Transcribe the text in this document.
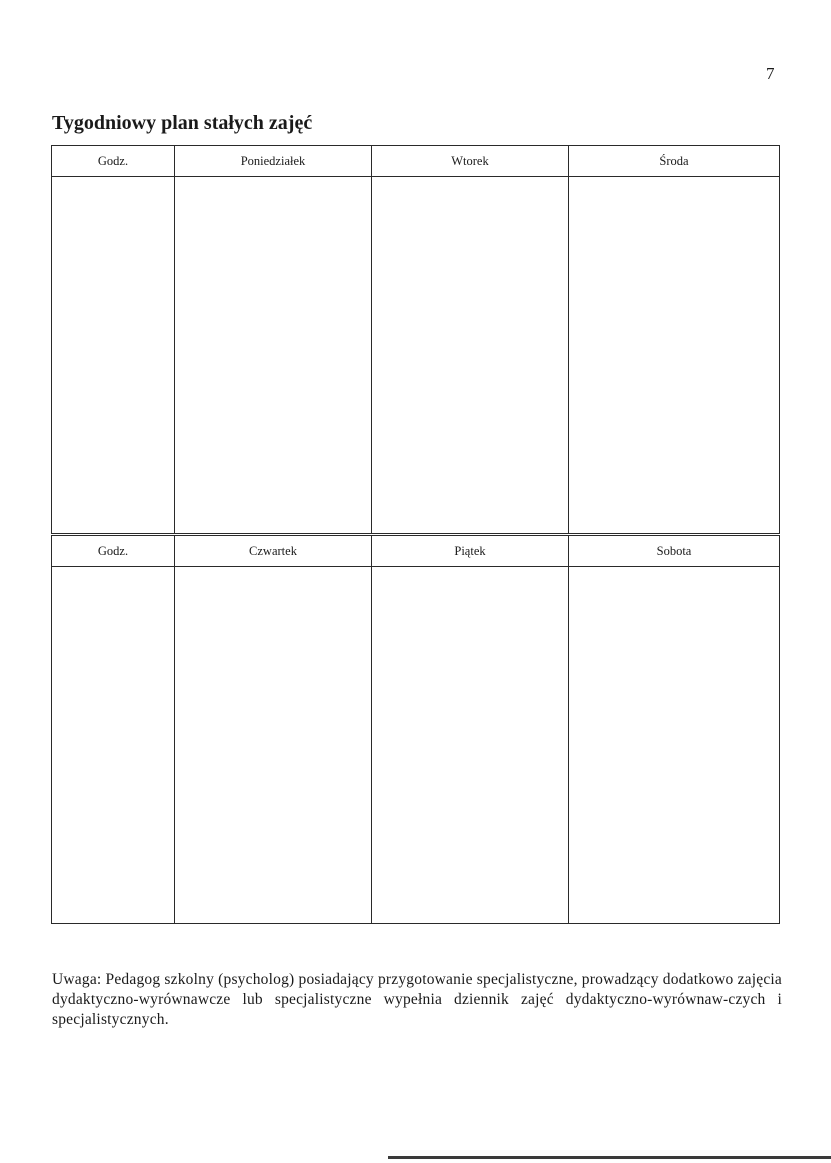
7
Tygodniowy plan stałych zajęć
Godz.	Poniedziałek	Wtorek	Środa

Godz.	Czwartek	Piątek	Sobota

Uwaga: Pedagog szkolny (psycholog) posiadający przygotowanie specjalistyczne, prowadzący dodatkowo zajęcia dydaktyczno-wyrównawcze lub specjalistyczne wypełnia dziennik zajęć dydaktyczno-wyrównaw-czych i specjalistycznych.
